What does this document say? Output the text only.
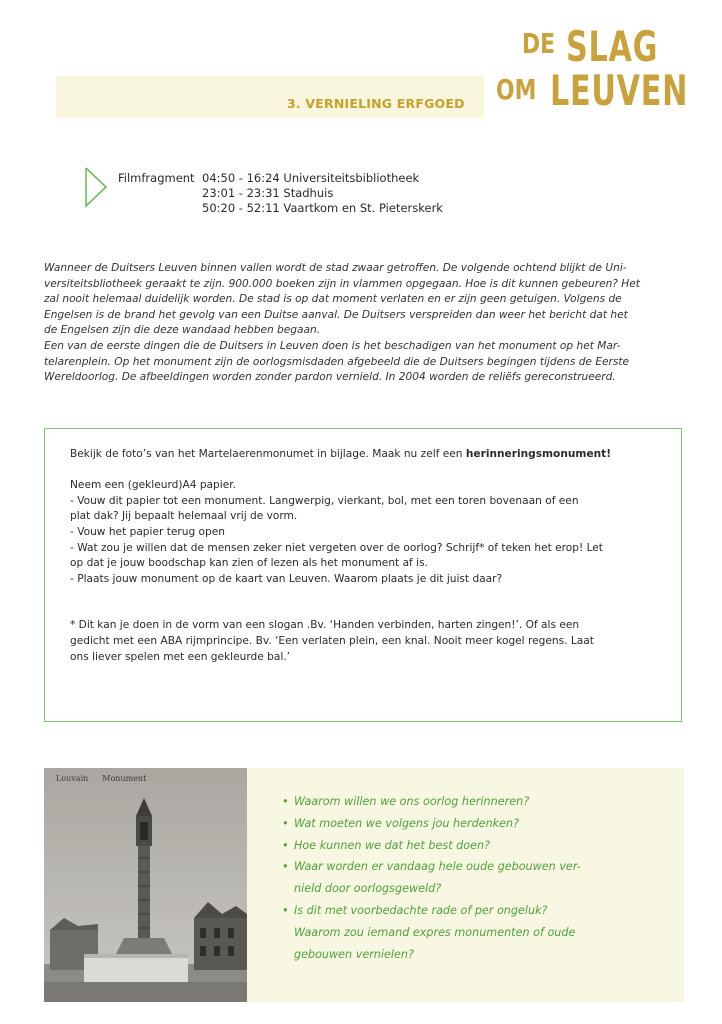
3. VERNIELING ERFGOED
DE SLAG
OM LEUVEN
Filmfragment 04:50 - 16:24 Universiteitsbibliotheek
23:01 - 23:31 Stadhuis
50:20 - 52:11 Vaartkom en St. Pieterskerk

Wanneer de Duitsers Leuven binnen vallen wordt de stad zwaar getroffen. De volgende ochtend blijkt de Uni-

versiteitsbliotheek geraakt te zijn. 900.000 boeken zijn in vlammen opgegaan. Hoe is dit kunnen gebeuren? Het

zal nooit helemaal duidelijk worden. De stad is op dat moment verlaten en er zijn geen getuigen. Volgens de

Engelsen is de brand het gevolg van een Duitse aanval. De Duitsers verspreiden dan weer het bericht dat het

de Engelsen zijn die deze wandaad hebben begaan.

Een van de eerste dingen die de Duitsers in Leuven doen is het beschadigen van het monument op het Mar-

telarenplein. Op het monument zijn de oorlogsmisdaden afgebeeld die de Duitsers begingen tijdens de Eerste

Wereldoorlog. De afbeeldingen worden zonder pardon vernield. In 2004 worden de reliëfs gereconstrueerd.

Bekijk de foto’s van het Martelaerenmonumet in bijlage. Maak nu zelf een herinneringsmonument!

Neem een (gekleurd)A4 papier.

- Vouw dit papier tot een monument. Langwerpig, vierkant, bol, met een toren bovenaan of een

plat dak? Jij bepaalt helemaal vrij de vorm.

- Vouw het papier terug open

- Wat zou je willen dat de mensen zeker niet vergeten over de oorlog? Schrijf* of teken het erop! Let

op dat je jouw boodschap kan zien of lezen als het monument af is.

- Plaats jouw monument op de kaart van Leuven. Waarom plaats je dit juist daar?

* Dit kan je doen in de vorm van een slogan .Bv. ‘Handen verbinden, harten zingen!’. Of als een

gedicht met een ABA rijmprincipe. Bv. ‘Een verlaten plein, een knal. Nooit meer kogel regens. Laat

ons liever spelen met een gekleurde bal.’

Louvain Monument
• Waarom willen we ons oorlog herinneren?
• Wat moeten we volgens jou herdenken?
• Hoe kunnen we dat het best doen?
• Waar worden er vandaag hele oude gebouwen ver-
nield door oorlogsgeweld?
• Is dit met voorbedachte rade of per ongeluk?
Waarom zou iemand expres monumenten of oude
gebouwen vernielen?
